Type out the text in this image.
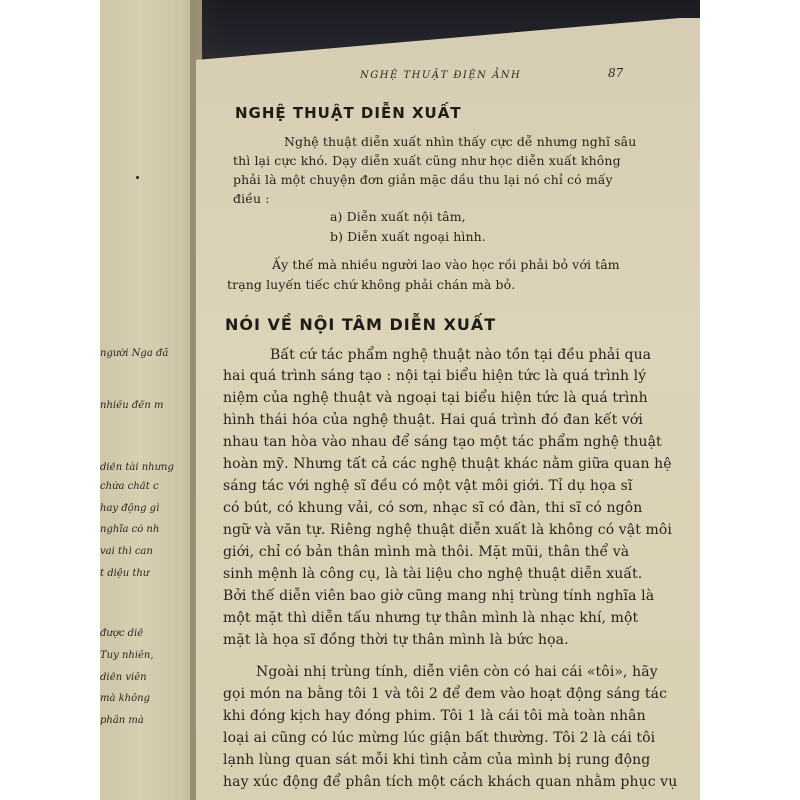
người Nga đã
nhiều đến m
diễn tài nhưng
chứa chất c
hay động gì
nghĩa có nh
vai thì can
t diệu thư
được diễ
Tuy nhiên,
diễn viên
mà không
phân mà
NGHỆ THUẬT ĐIỆN ẢNH	87
NGHỆ THUẬT DIỄN XUẤT
Nghệ thuật diễn xuất nhìn thấy cực dễ nhưng nghĩ sâu
thì lại cực khó. Dạy diễn xuất cũng như học diễn xuất không
phải là một chuyện đơn giản mặc dầu thu lại nó chỉ có mấy
điều :
a) Diễn xuất nội tâm,
b) Diễn xuất ngoại hình.
Ấy thế mà nhiều người lao vào học rồi phải bỏ với tâm
trạng luyến tiếc chứ không phải chán mà bỏ.
NÓI VỀ NỘI TÂM DIỄN XUẤT
Bất cứ tác phẩm nghệ thuật nào tồn tại đều phải qua
hai quá trình sáng tạo : nội tại biểu hiện tức là quá trình lý
niệm của nghệ thuật và ngoại tại biểu hiện tức là quá trình
hình thái hóa của nghệ thuật. Hai quá trình đó đan kết với
nhau tan hòa vào nhau để sáng tạo một tác phẩm nghệ thuật
hoàn mỹ. Nhưng tất cả các nghệ thuật khác nằm giữa quan hệ
sáng tác với nghệ sĩ đều có một vật môi giới. Tỉ dụ họa sĩ
có bút, có khung vải, có sơn, nhạc sĩ có đàn, thi sĩ có ngôn
ngữ và văn tự. Riêng nghệ thuật diễn xuất là không có vật môi
giới, chỉ có bản thân mình mà thôi. Mặt mũi, thân thể và
sinh mệnh là công cụ, là tài liệu cho nghệ thuật diễn xuất.
Bởi thế diễn viên bao giờ cũng mang nhị trùng tính nghĩa là
một mặt thì diễn tấu nhưng tự thân mình là nhạc khí, một
mặt là họa sĩ đồng thời tự thân mình là bức họa.
Ngoài nhị trùng tính, diễn viên còn có hai cái «tôi», hãy
gọi món na bằng tôi 1 và tôi 2 để đem vào hoạt động sáng tác
khi đóng kịch hay đóng phim. Tôi 1 là cái tôi mà toàn nhân
loại ai cũng có lúc mừng lúc giận bất thường. Tôi 2 là cái tôi
lạnh lùng quan sát mỗi khi tình cảm của mình bị rung động
hay xúc động để phân tích một cách khách quan nhằm phục vụ
